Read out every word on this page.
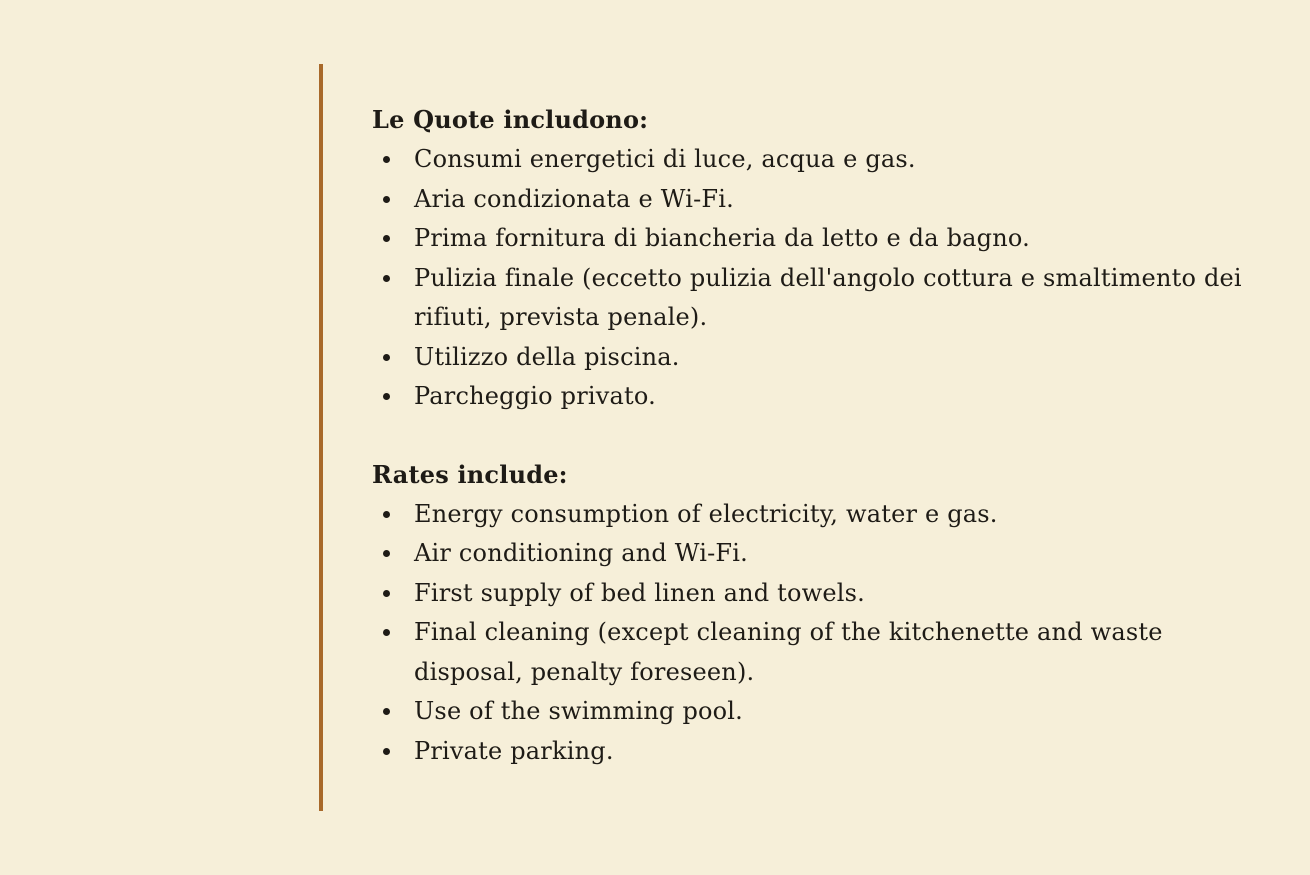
Le Quote includono:
Consumi energetici di luce, acqua e gas.
Aria condizionata e Wi-Fi.
Prima fornitura di biancheria da letto e da bagno.
Pulizia finale (eccetto pulizia dell'angolo cottura e smaltimento dei rifiuti, prevista penale).
Utilizzo della piscina.
Parcheggio privato.
Rates include:
Energy consumption of electricity, water e gas.
Air conditioning and Wi-Fi.
First supply of bed linen and towels.
Final cleaning (except cleaning of the kitchenette and waste disposal, penalty foreseen).
Use of the swimming pool.
Private parking.
